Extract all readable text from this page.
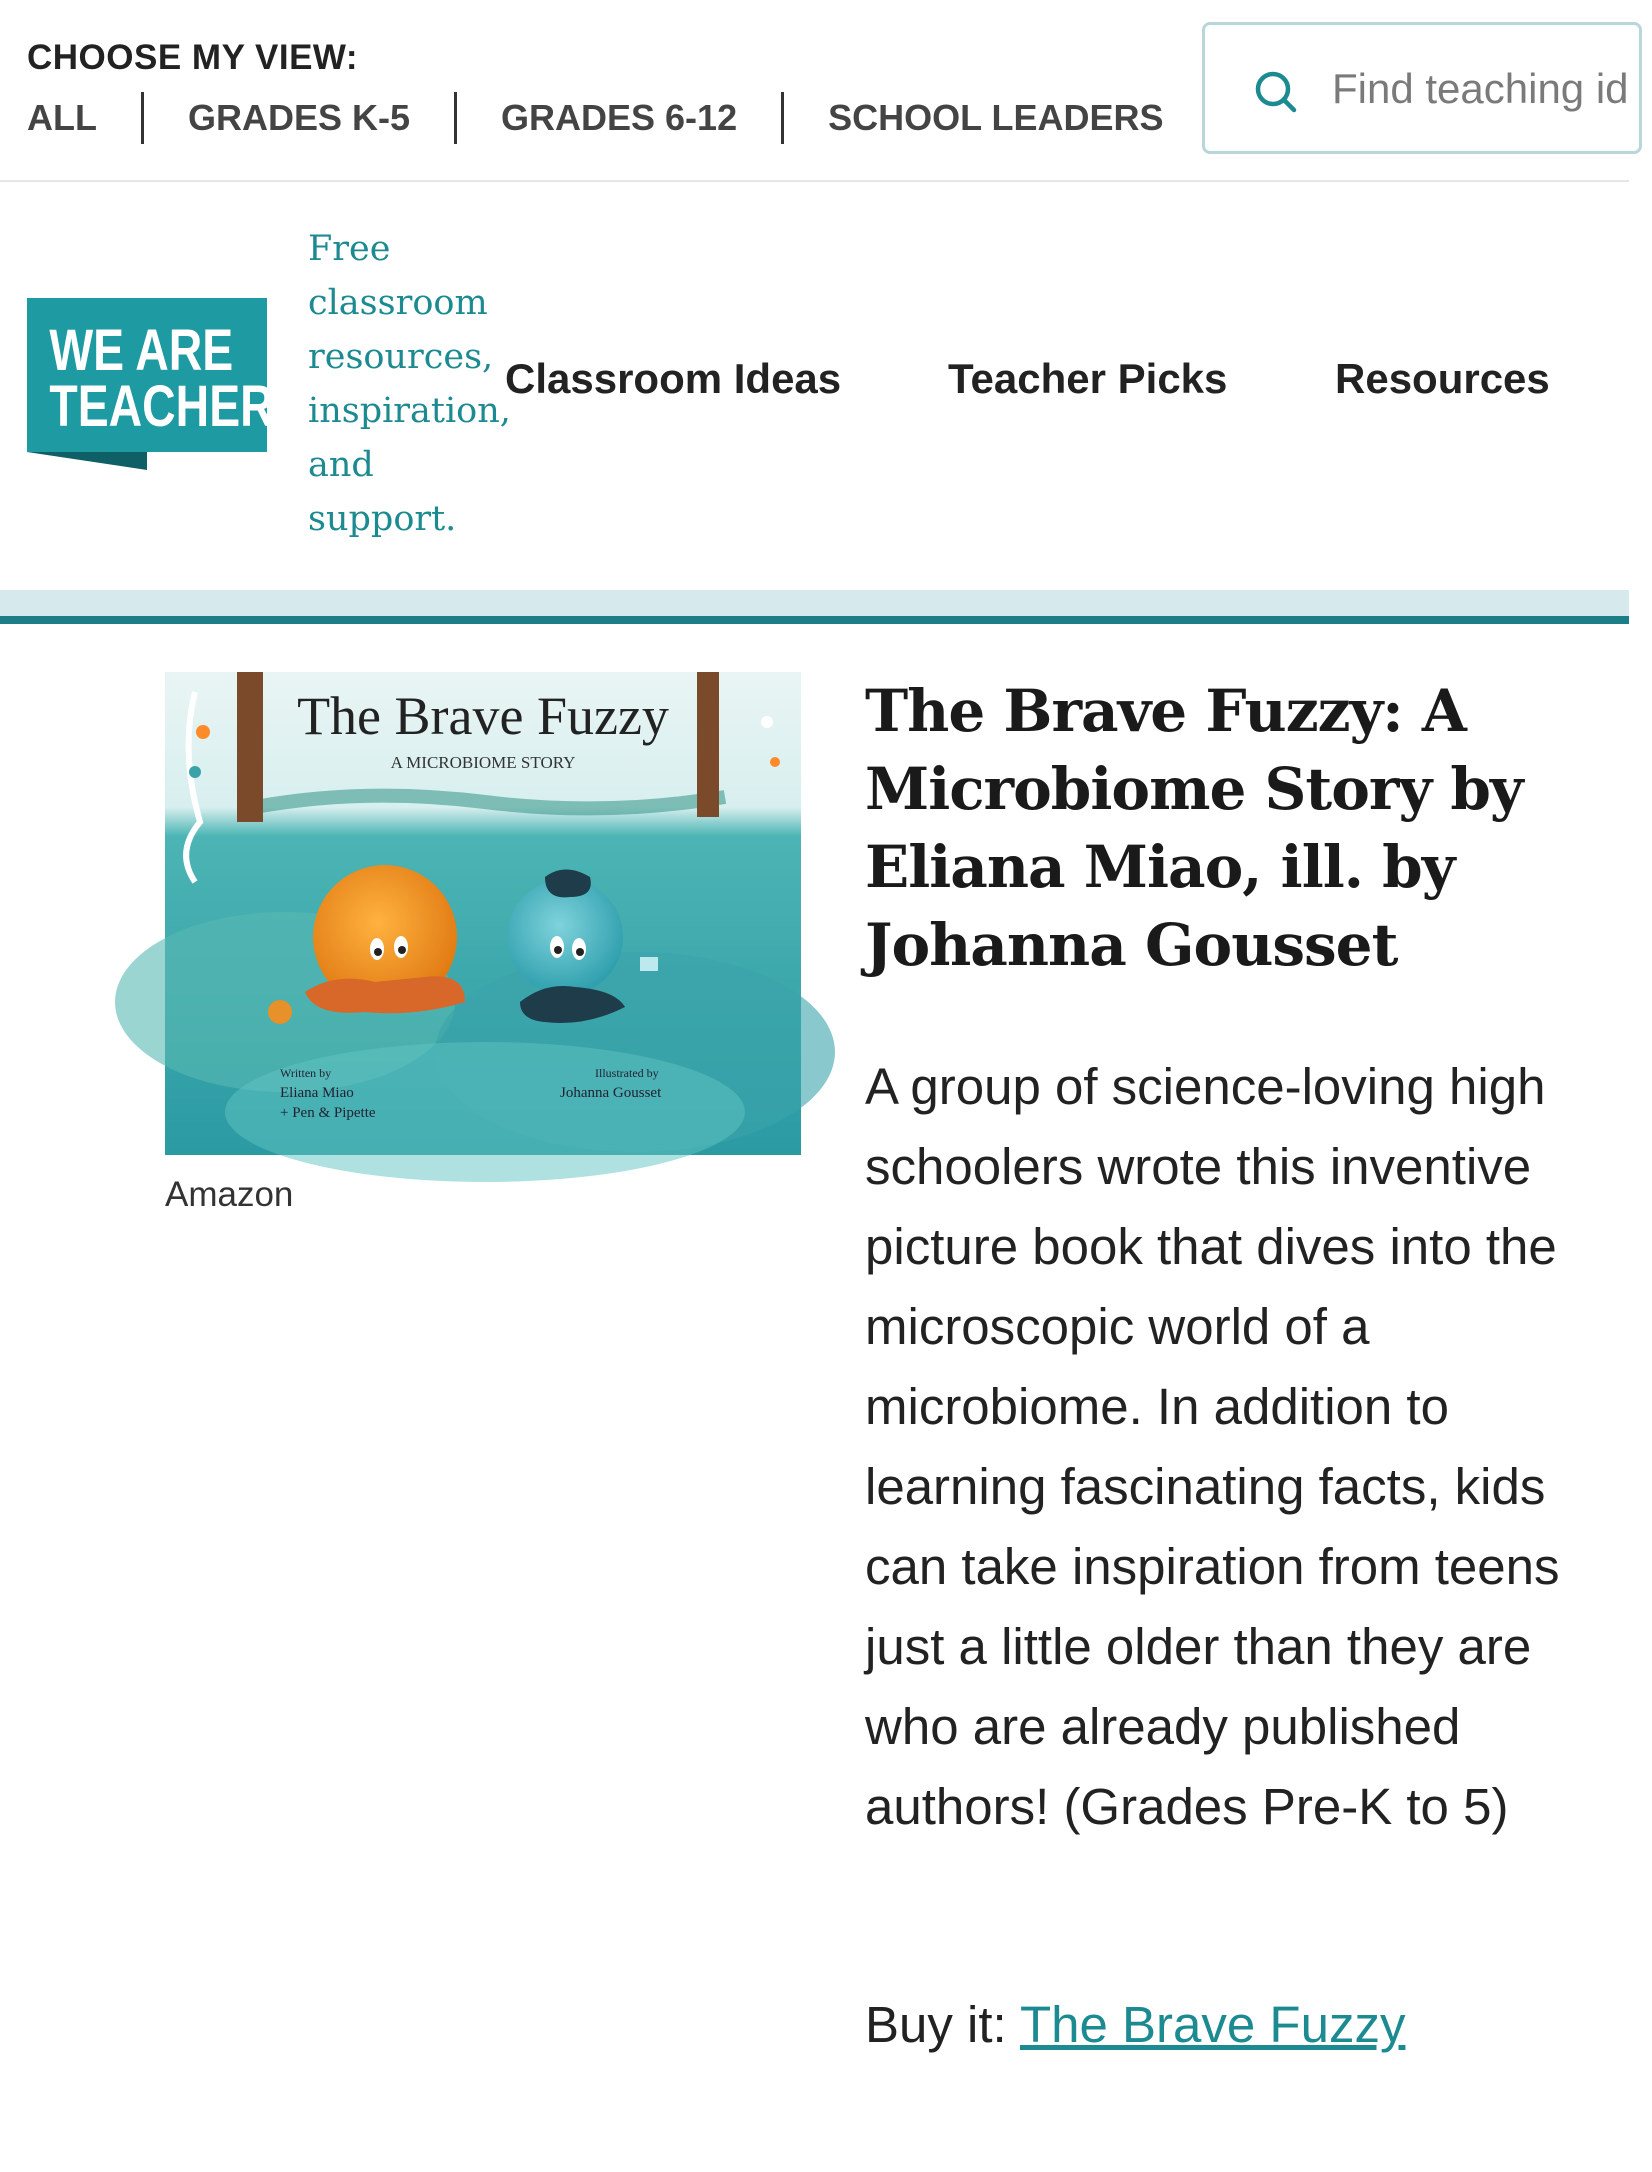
CHOOSE MY VIEW:
ALL	GRADES K-5	GRADES 6-12	SCHOOL LEADERS
Find teaching id
WE ARE
TEACHERS
Free classroom resources, inspiration, and support.
Classroom Ideas	Teacher Picks	Resources
The Brave Fuzzy
A MICROBIOME STORY
Written by
Eliana Miao
+ Pen & Pipette
Illustrated by
Johanna Gousset
Amazon
The Brave Fuzzy: A Microbiome Story by Eliana Miao, ill. by Johanna Gousset

A group of science-loving high schoolers wrote this inventive picture book that dives into the microscopic world of a microbiome. In addition to learning fascinating facts, kids can take inspiration from teens just a little older than they are who are already published authors! (Grades Pre-K to 5)

Buy it: The Brave Fuzzy
